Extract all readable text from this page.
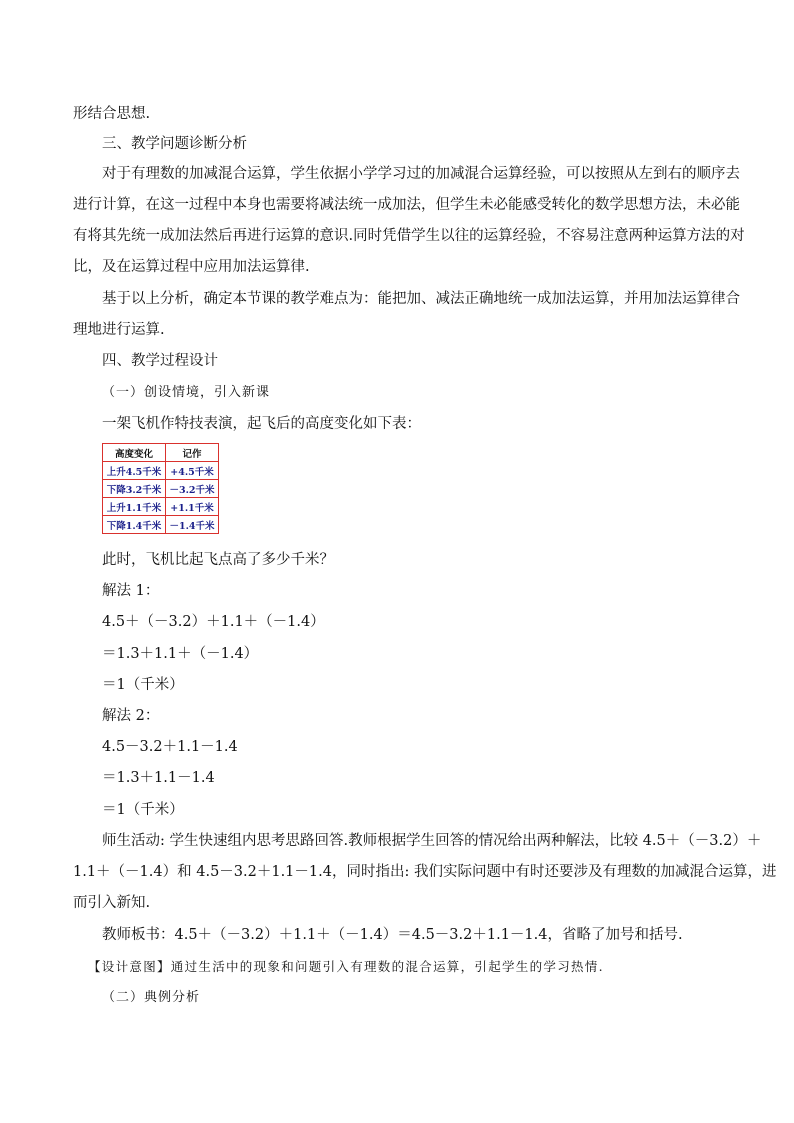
形结合思想.
三、教学问题诊断分析
对于有理数的加减混合运算，学生依据小学学习过的加减混合运算经验，可以按照从左到右的顺序去
进行计算，在这一过程中本身也需要将减法统一成加法，但学生未必能感受转化的数学思想方法，未必能
有将其先统一成加法然后再进行运算的意识.同时凭借学生以往的运算经验，不容易注意两种运算方法的对
比，及在运算过程中应用加法运算律.
基于以上分析，确定本节课的教学难点为：能把加、减法正确地统一成加法运算，并用加法运算律合
理地进行运算.
四、教学过程设计
（一）创设情境，引入新课
一架飞机作特技表演，起飞后的高度变化如下表：
高度变化	记作
上升4.5千米	+4.5千米
下降3.2千米	－3.2千米
上升1.1千米	+1.1千米
下降1.4千米	－1.4千米
此时，飞机比起飞点高了多少千米？
解法 1：
4.5＋（－3.2）＋1.1＋（－1.4）
＝1.3＋1.1＋（－1.4）
＝1（千米）
解法 2：
4.5－3.2＋1.1－1.4
＝1.3＋1.1－1.4
＝1（千米）
师生活动: 学生快速组内思考思路回答.教师根据学生回答的情况给出两种解法，比较 4.5＋（－3.2）＋
1.1＋（－1.4）和 4.5－3.2＋1.1－1.4，同时指出: 我们实际问题中有时还要涉及有理数的加减混合运算，进
而引入新知.
教师板书：4.5＋（－3.2）＋1.1＋（－1.4）＝4.5－3.2＋1.1－1.4，省略了加号和括号.
【设计意图】通过生活中的现象和问题引入有理数的混合运算，引起学生的学习热情.
（二）典例分析
